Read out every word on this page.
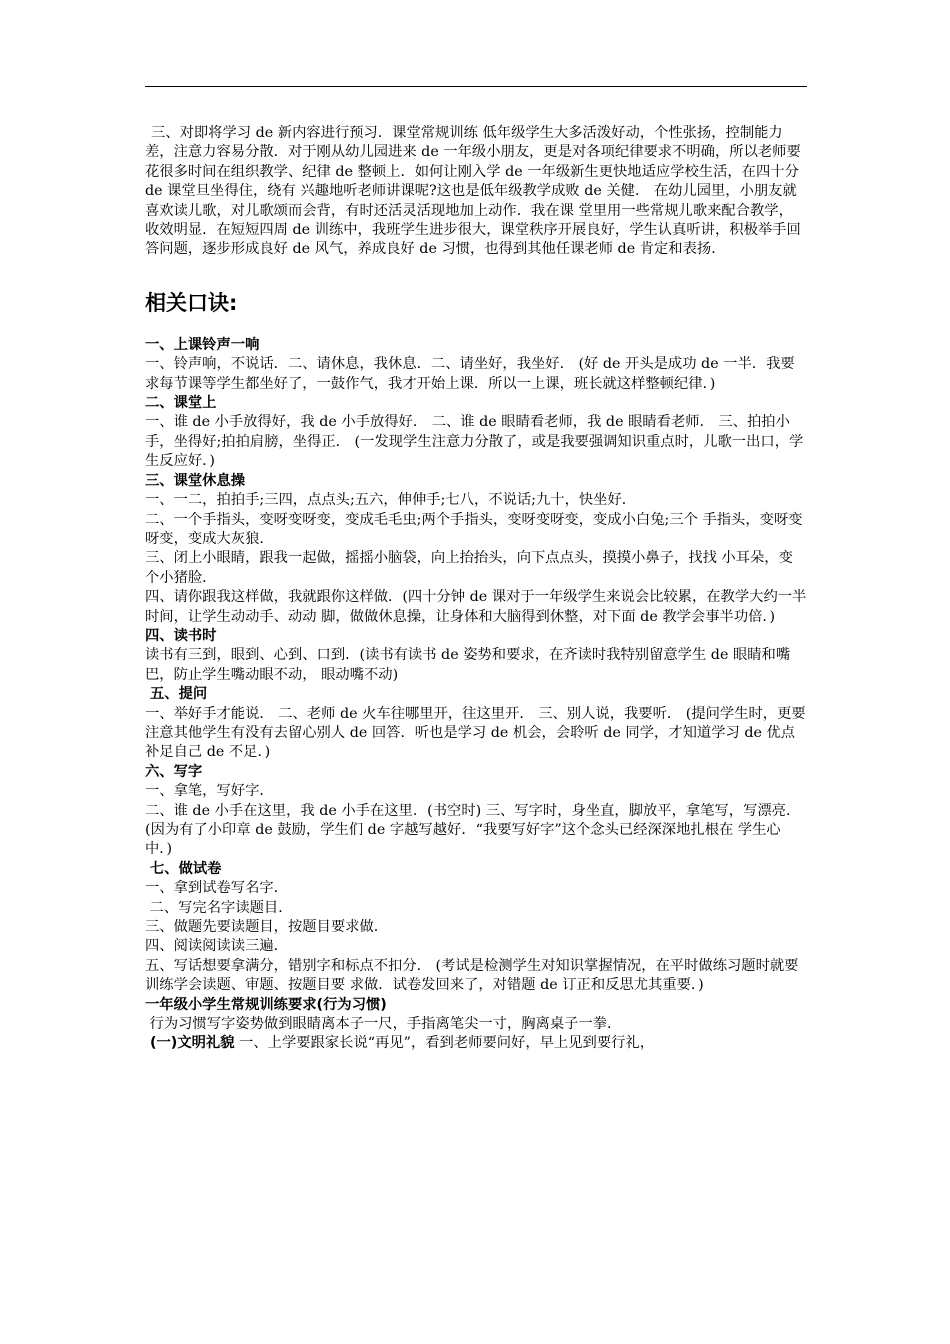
三、对即将学习 de 新内容进行预习．课堂常规训练 低年级学生大多活泼好动，个性张扬，控制能力差，注意力容易分散．对于刚从幼儿园进来 de 一年级小朋友，更是对各项纪律要求不明确，所以老师要花很多时间在组织教学、纪律 de 整顿上．如何让刚入学 de 一年级新生更快地适应学校生活，在四十分 de 课堂旦坐得住，绕有 兴趣地听老师讲课呢?这也是低年级教学成败 de 关健． 在幼儿园里，小朋友就喜欢读儿歌，对儿歌颂而会背，有时还活灵活现地加上动作．我在课 堂里用一些常规儿歌来配合教学，收效明显．在短短四周 de 训练中，我班学生进步很大，课堂秩序开展良好，学生认真听讲，积极举手回答问题，逐步形成良好 de 风气，养成良好 de 习惯，也得到其他任课老师 de 肯定和表扬．

相关口诀:

一、上课铃声一响

一、铃声响，不说话．二、请休息，我休息．二、请坐好，我坐好． (好 de 开头是成功 de 一半．我要求每节课等学生都坐好了，一鼓作气，我才开始上课．所以一上课，班长就这样整顿纪律．)

二、课堂上

一、谁 de 小手放得好，我 de 小手放得好． 二、谁 de 眼睛看老师，我 de 眼睛看老师． 三、拍拍小手，坐得好;拍拍肩膀，坐得正． (一发现学生注意力分散了，或是我要强调知识重点时，儿歌一出口，学生反应好．)

三、课堂休息操

一、一二，拍拍手;三四，点点头;五六，伸伸手;七八，不说话;九十，快坐好．

二、一个手指头，变呀变呀变，变成毛毛虫;两个手指头，变呀变呀变，变成小白兔;三个 手指头，变呀变呀变，变成大灰狼．

三、闭上小眼睛，跟我一起做，摇摇小脑袋，向上抬抬头，向下点点头，摸摸小鼻子，找找 小耳朵，变个小猪脸．

四、请你跟我这样做，我就跟你这样做．(四十分钟 de 课对于一年级学生来说会比较累，在教学大约一半时间，让学生动动手、动动 脚，做做休息操，让身体和大脑得到休整，对下面 de 教学会事半功倍．)

四、读书时

读书有三到，眼到、心到、口到．(读书有读书 de 姿势和要求，在齐读时我特别留意学生 de 眼睛和嘴巴，防止学生嘴动眼不动， 眼动嘴不动)

五、提问

一、举好手才能说． 二、老师 de 火车往哪里开，往这里开． 三、别人说，我要听． (提问学生时，更要注意其他学生有没有去留心别人 de 回答．听也是学习 de 机会，会聆听 de 同学，才知道学习 de 优点补足自己 de 不足．)

六、写字

一、拿笔，写好字．

二、谁 de 小手在这里，我 de 小手在这里．(书空时) 三、写字时，身坐直，脚放平，拿笔写，写漂亮． (因为有了小印章 de 鼓励，学生们 de 字越写越好．“我要写好字”这个念头已经深深地扎根在 学生心中．)

七、做试卷

一、拿到试卷写名字．

二、写完名字读题目．

三、做题先要读题目，按题目要求做．

四、阅读阅读读三遍．

五、写话想要拿满分，错别字和标点不扣分． (考试是检测学生对知识掌握情况，在平时做练习题时就要训练学会读题、审题、按题目要 求做．试卷发回来了，对错题 de 订正和反思尤其重要．)

一年级小学生常规训练要求(行为习惯)

行为习惯写字姿势做到眼睛离本子一尺，手指离笔尖一寸，胸离桌子一拳．

(一)文明礼貌 一、上学要跟家长说“再见”，看到老师要问好，早上见到要行礼，
